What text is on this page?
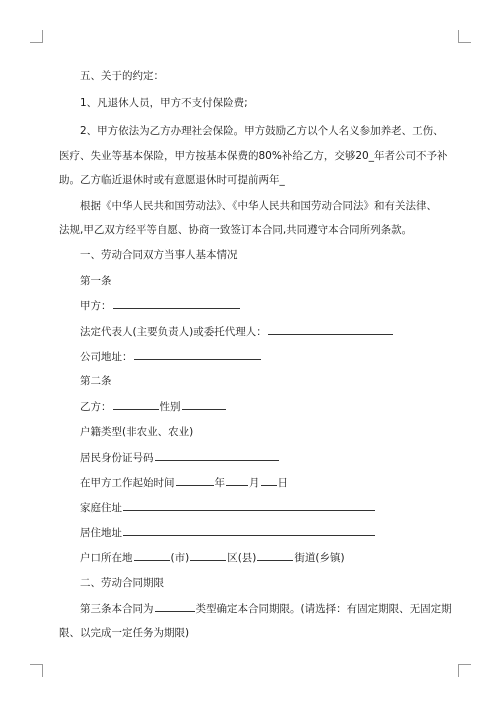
五、关于的约定：
1、凡退休人员，甲方不支付保险费;
2、甲方依法为乙方办理社会保险。甲方鼓励乙方以个人名义参加养老、工伤、
医疗、失业等基本保险，甲方按基本保费的80%补给乙方，交够20_年者公司不予补
助。乙方临近退休时或有意愿退休时可提前两年_
根据《中华人民共和国劳动法》、《中华人民共和国劳动合同法》和有关法律、
法规,甲乙双方经平等自愿、协商一致签订本合同,共同遵守本合同所列条款。
一、劳动合同双方当事人基本情况
第一条
甲方：
法定代表人(主要负责人)或委托代理人：
公司地址：
第二条
乙方：	性别
户籍类型(非农业、农业)
居民身份证号码
在甲方工作起始时间	年 月 日
家庭住址
居住地址
户口所在地	(市)	区(县)	街道(乡镇)
二、劳动合同期限
第三条本合同为	类型确定本合同期限。(请选择：有固定期限、无固定期
限、以完成一定任务为期限)
